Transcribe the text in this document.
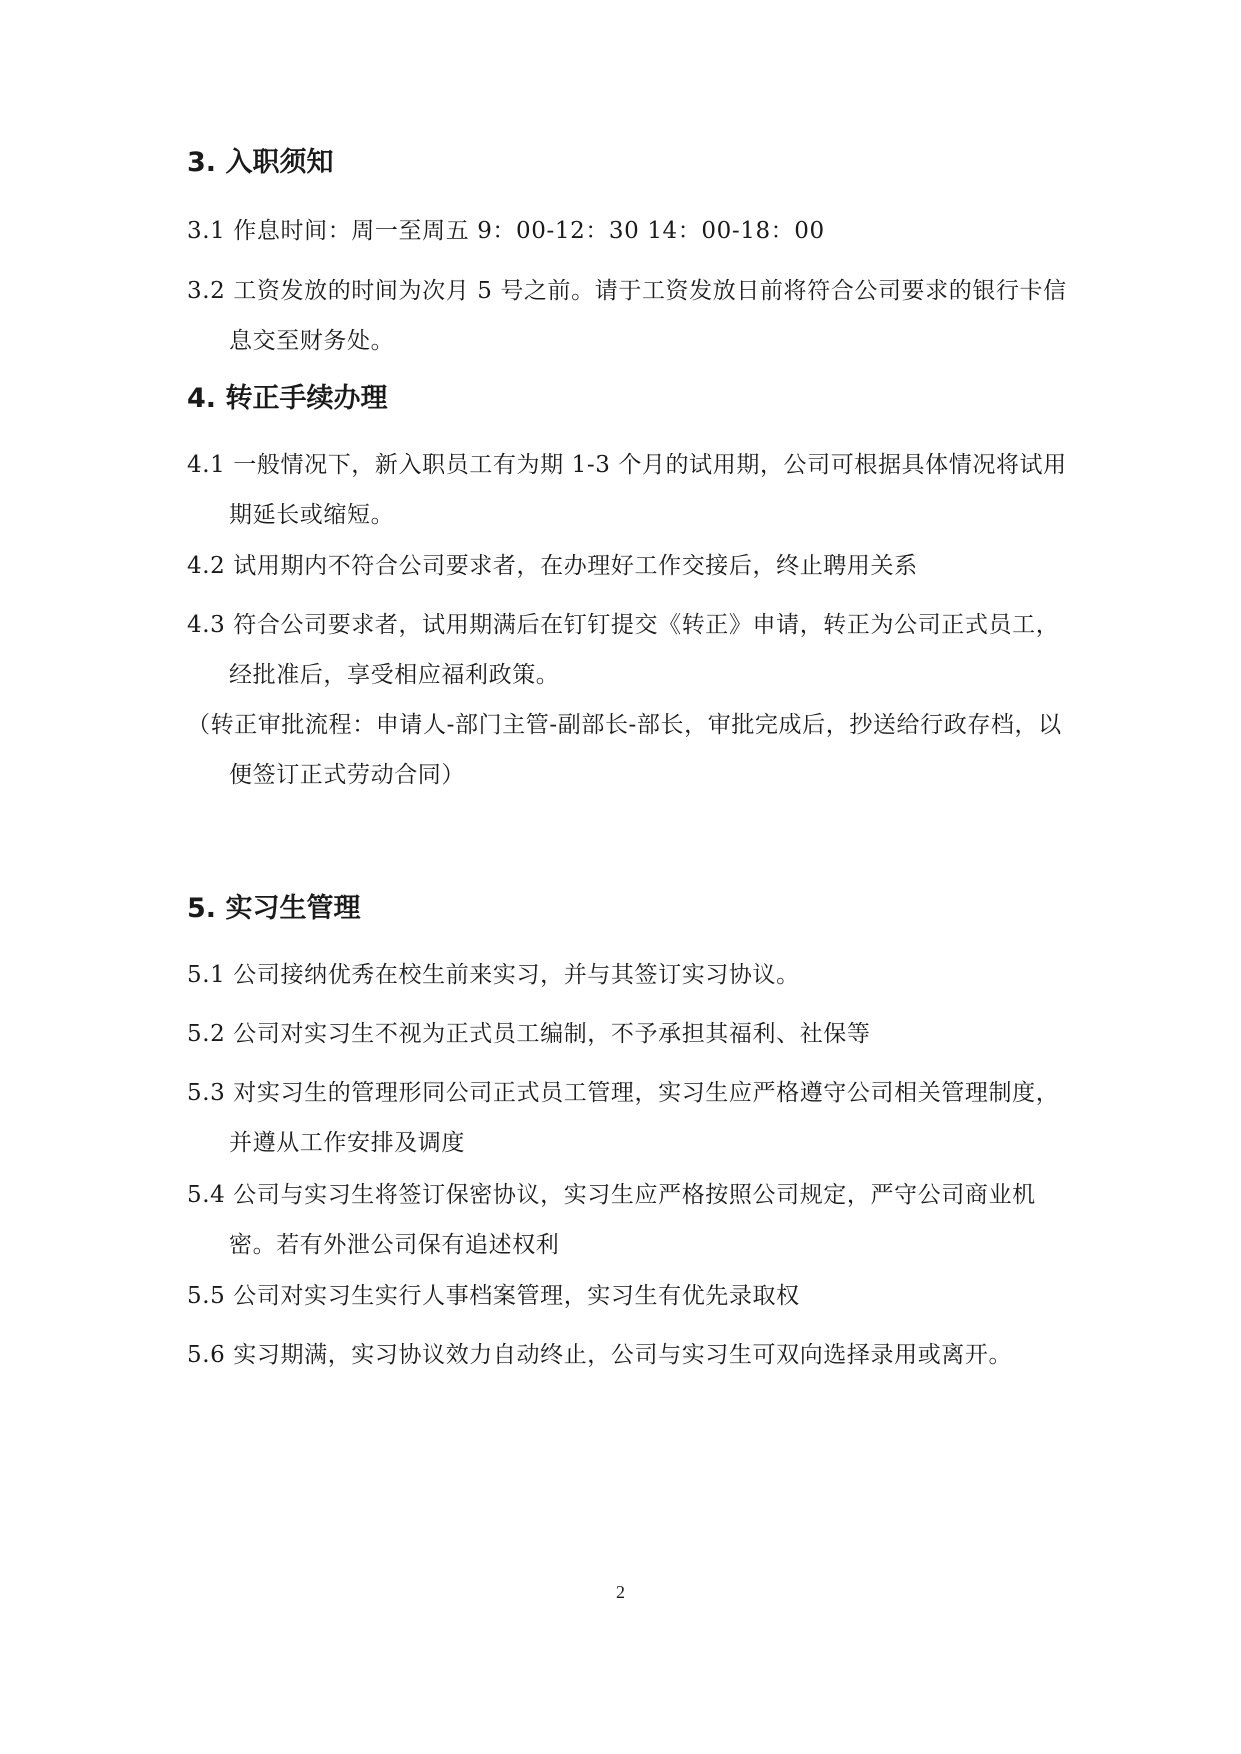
3. 入职须知

3.1 作息时间：周一至周五 9：00-12：30 14：00-18：00

3.2 工资发放的时间为次月 5 号之前。请于工资发放日前将符合公司要求的银行卡信息交至财务处。

4. 转正手续办理

4.1 一般情况下，新入职员工有为期 1-3 个月的试用期，公司可根据具体情况将试用期延长或缩短。

4.2 试用期内不符合公司要求者，在办理好工作交接后，终止聘用关系

4.3 符合公司要求者，试用期满后在钉钉提交《转正》申请，转正为公司正式员工，经批准后，享受相应福利政策。

（转正审批流程：申请人-部门主管-副部长-部长，审批完成后，抄送给行政存档，以便签订正式劳动合同）

5. 实习生管理

5.1 公司接纳优秀在校生前来实习，并与其签订实习协议。

5.2 公司对实习生不视为正式员工编制，不予承担其福利、社保等

5.3 对实习生的管理形同公司正式员工管理，实习生应严格遵守公司相关管理制度，并遵从工作安排及调度

5.4 公司与实习生将签订保密协议，实习生应严格按照公司规定，严守公司商业机密。若有外泄公司保有追述权利

5.5 公司对实习生实行人事档案管理，实习生有优先录取权

5.6 实习期满，实习协议效力自动终止，公司与实习生可双向选择录用或离开。

2
